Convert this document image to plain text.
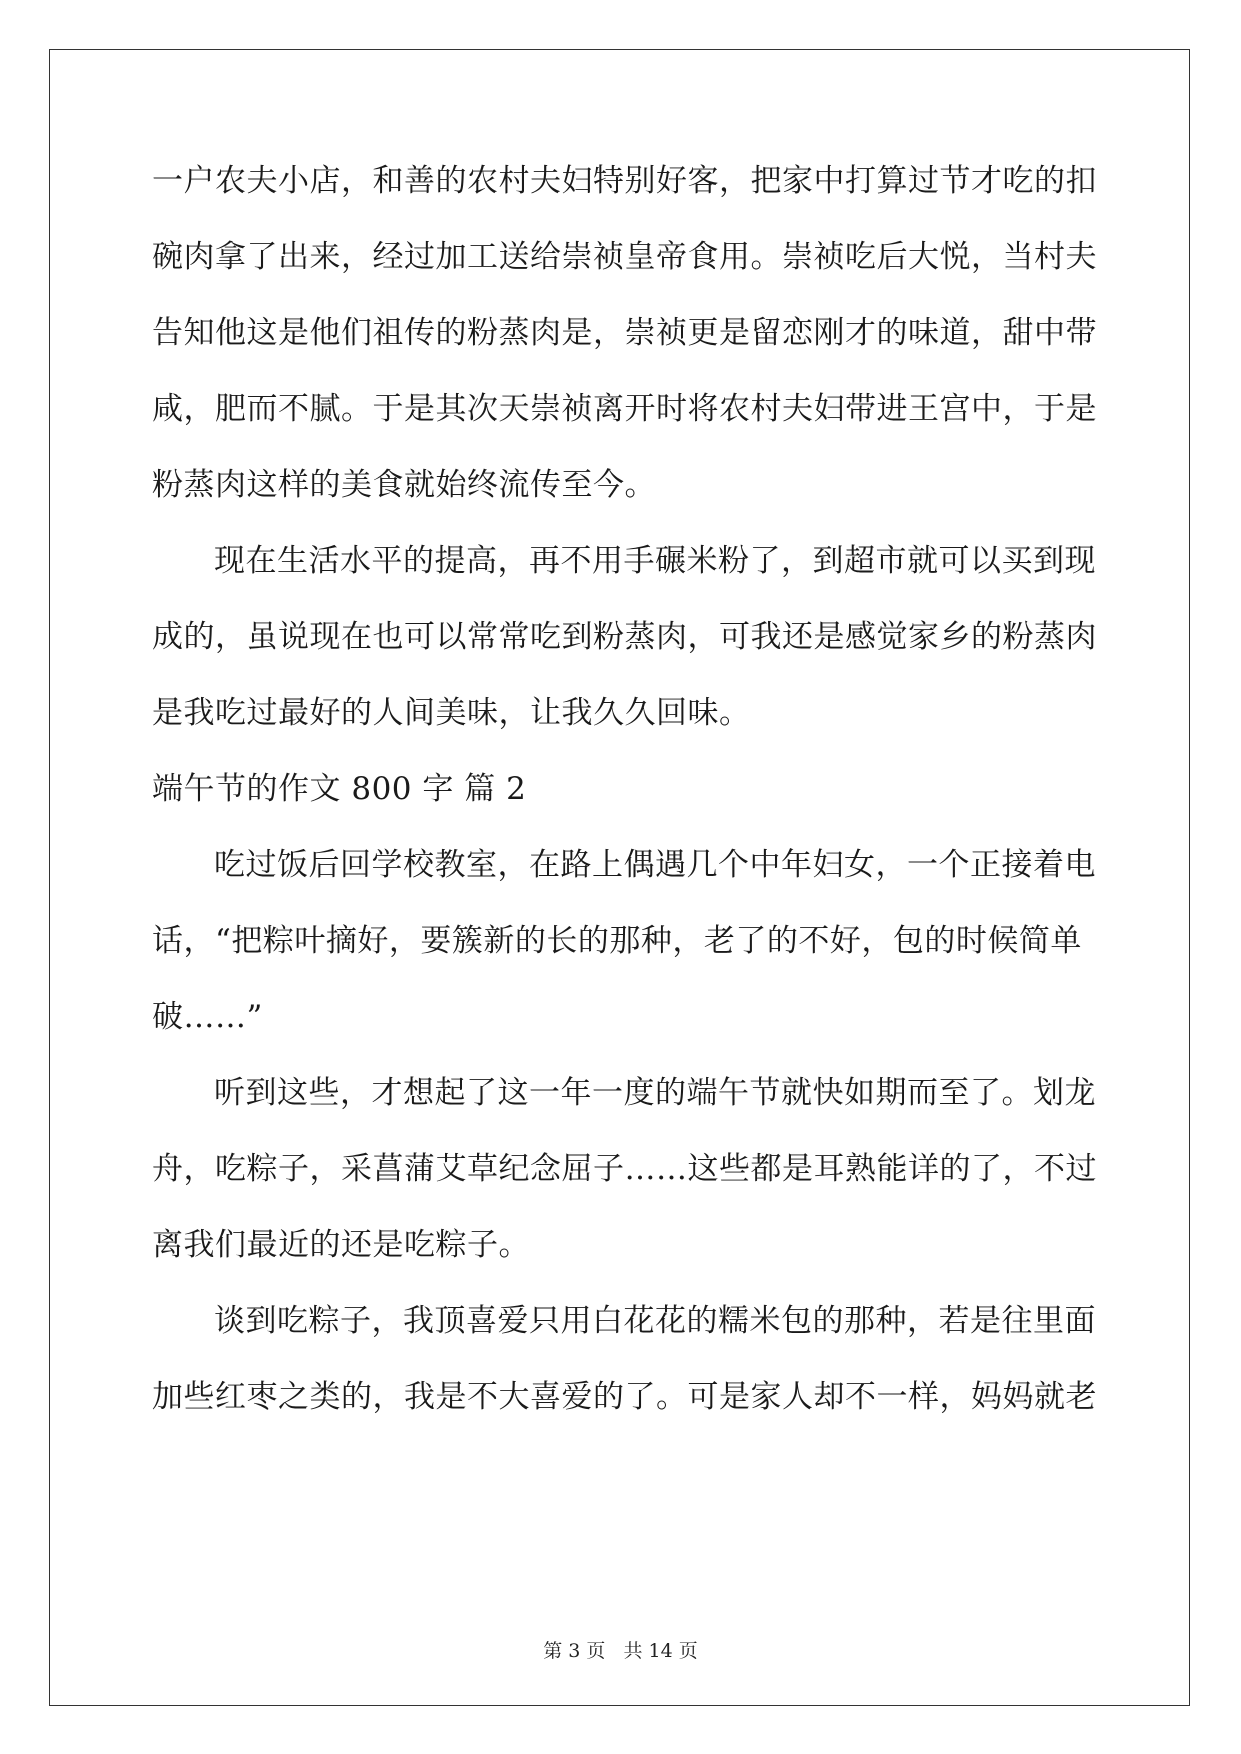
一户农夫小店，和善的农村夫妇特别好客，把家中打算过节才吃的扣
碗肉拿了出来，经过加工送给崇祯皇帝食用。崇祯吃后大悦，当村夫
告知他这是他们祖传的粉蒸肉是，崇祯更是留恋刚才的味道，甜中带
咸，肥而不腻。于是其次天崇祯离开时将农村夫妇带进王宫中，于是
粉蒸肉这样的美食就始终流传至今。
现在生活水平的提高，再不用手碾米粉了，到超市就可以买到现
成的，虽说现在也可以常常吃到粉蒸肉，可我还是感觉家乡的粉蒸肉
是我吃过最好的人间美味，让我久久回味。
端午节的作文 800 字 篇 2
吃过饭后回学校教室，在路上偶遇几个中年妇女，一个正接着电
话，“把粽叶摘好，要簇新的长的那种，老了的不好，包的时候简单
破……”
听到这些，才想起了这一年一度的端午节就快如期而至了。划龙
舟，吃粽子，采菖蒲艾草纪念屈子……这些都是耳熟能详的了，不过
离我们最近的还是吃粽子。
谈到吃粽子，我顶喜爱只用白花花的糯米包的那种，若是往里面
加些红枣之类的，我是不大喜爱的了。可是家人却不一样，妈妈就老
第 3 页 共 14 页
